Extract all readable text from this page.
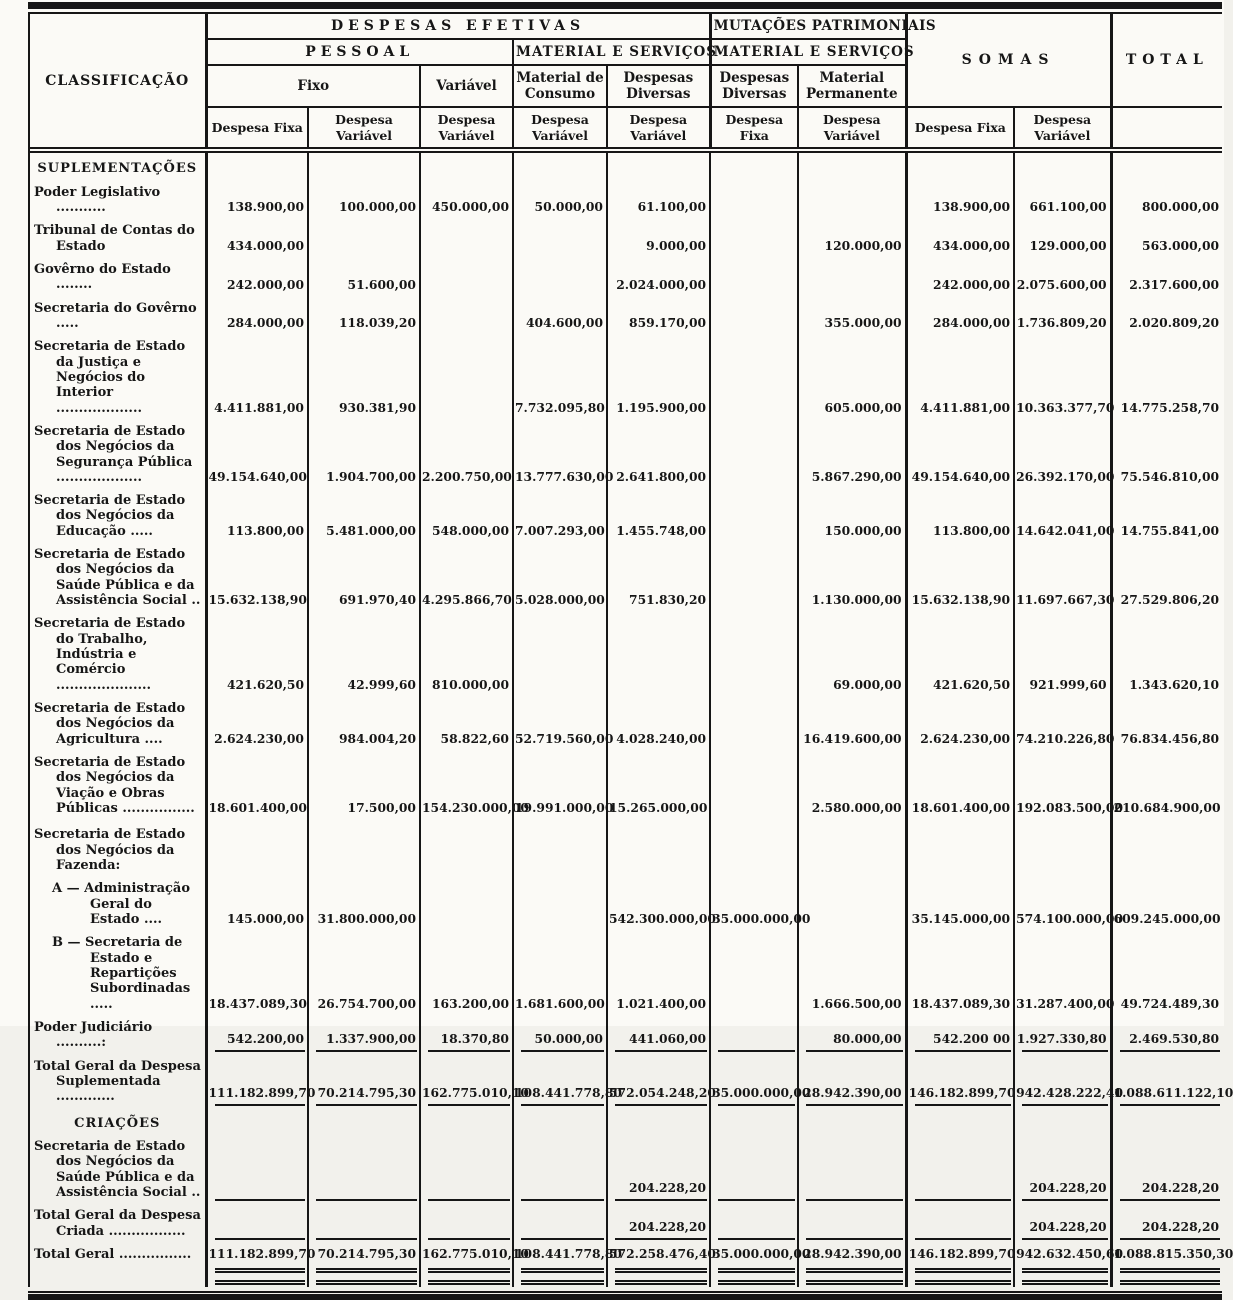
CLASSIFICAÇÃO	DESPESAS EFETIVAS					MUTAÇÕES PATRIMONIAIS		SOMAS		TOTAL
	PESSOAL			MATERIAL E SERVIÇOS		MATERIAL E SERVIÇOS				
	Fixo		Variável	Material de Consumo	Despesas Diversas	Despesas Diversas	Material Permanente			
	Despesa Fixa	Despesa Variável	Despesa Variável	Despesa Variável	Despesa Variável	Despesa Fixa	Despesa Variável	Despesa Fixa	Despesa Variável	
SUPLEMENTAÇÕES										
Poder Legislativo ...........	138.900,00	100.000,00	450.000,00	50.000,00	61.100,00			138.900,00	661.100,00	800.000,00
Tribunal de Contas do Estado	434.000,00				9.000,00		120.000,00	434.000,00	129.000,00	563.000,00
Govêrno do Estado ........	242.000,00	51.600,00			2.024.000,00			242.000,00	2.075.600,00	2.317.600,00
Secretaria do Govêrno .....	284.000,00	118.039,20		404.600,00	859.170,00		355.000,00	284.000,00	1.736.809,20	2.020.809,20
Secretaria de Estado da Justiça e Negócios do Interior ...................	4.411.881,00	930.381,90		7.732.095,80	1.195.900,00		605.000,00	4.411.881,00	10.363.377,70	14.775.258,70
Secretaria de Estado dos Negócios da Segurança Pública ...................	49.154.640,00	1.904.700,00	2.200.750,00	13.777.630,00	2.641.800,00		5.867.290,00	49.154.640,00	26.392.170,00	75.546.810,00
Secretaria de Estado dos Negócios da Educação .....	113.800,00	5.481.000,00	548.000,00	7.007.293,00	1.455.748,00		150.000,00	113.800,00	14.642.041,00	14.755.841,00
Secretaria de Estado dos Negócios da Saúde Pública e da Assistência Social ..	15.632.138,90	691.970,40	4.295.866,70	5.028.000,00	751.830,20		1.130.000,00	15.632.138,90	11.697.667,30	27.529.806,20
Secretaria de Estado do Trabalho, Indústria e Comércio .....................	421.620,50	42.999,60	810.000,00				69.000,00	421.620,50	921.999,60	1.343.620,10
Secretaria de Estado dos Negócios da Agricultura ....	2.624.230,00	984.004,20	58.822,60	52.719.560,00	4.028.240,00		16.419.600,00	2.624.230,00	74.210.226,80	76.834.456,80
Secretaria de Estado dos Negócios da Viação e Obras Públicas ................	18.601.400,00	17.500,00	154.230.000,00	19.991.000,00	15.265.000,00		2.580.000,00	18.601.400,00	192.083.500,00	210.684.900,00
Secretaria de Estado dos Negócios da Fazenda:										
A — Administração Geral do Estado ....	145.000,00	31.800.000,00			542.300.000,00	35.000.000,00		35.145.000,00	574.100.000,00	609.245.000,00
B — Secretaria de Estado e Repartições Subordinadas .....	18.437.089,30	26.754.700,00	163.200,00	1.681.600,00	1.021.400,00		1.666.500,00	18.437.089,30	31.287.400,00	49.724.489,30
Poder Judiciário ..........:	542.200,00	1.337.900,00	18.370,80	50.000,00	441.060,00		80.000,00	542.200 00	1.927.330,80	2.469.530,80
Total Geral da Despesa Suplementada .............	111.182.899,70	70.214.795,30	162.775.010,10	108.441.778,80	572.054.248,20	35.000.000,00	28.942.390,00	146.182.899,70	942.428.222,40	1.088.611.122,10
CRIAÇÕES										
Secretaria de Estado dos Negócios da Saúde Pública e da Assistência Social ..					204.228,20				204.228,20	204.228,20
Total Geral da Despesa Criada .................					204.228,20				204.228,20	204.228,20
Total Geral ................	111.182.899,70	70.214.795,30	162.775.010,10	108.441.778,80	572.258.476,40	35.000.000,00	28.942.390,00	146.182.899,70	942.632.450,60	1.088.815.350,30
